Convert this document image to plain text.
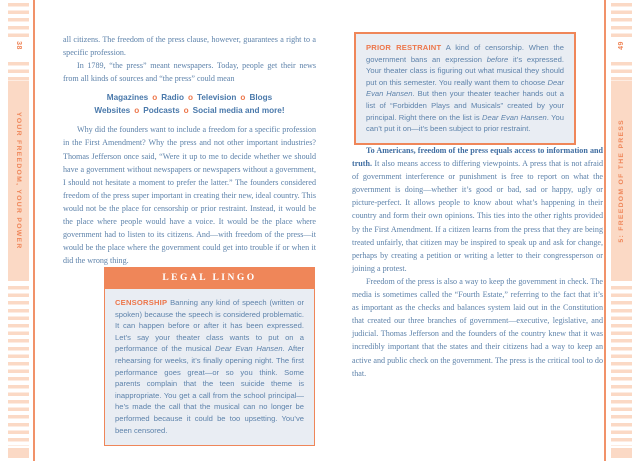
38
YOUR FREEDOM, YOUR POWER

all citizens. The freedom of the press clause, however, guarantees a right to a specific profession.

In 1789, “the press” meant newspapers. Today, people get their news from all kinds of sources and “the press” could mean

Magazines o Radio o Television o Blogs
Websites o Podcasts o Social media and more!

Why did the founders want to include a freedom for a specific profession in the First Amendment? Why the press and not other important industries? Thomas Jefferson once said, “Were it up to me to decide whether we should have a government without newspapers or newspapers without a government, I should not hesitate a moment to prefer the latter.” The founders considered freedom of the press super important in creating their new, ideal country. This would not be the place for censorship or prior restraint. Instead, it would be the place where people would have a voice. It would be the place where government had to listen to its citizens. And—with freedom of the press—it would be the place where the government could get into trouble if or when it did the wrong thing.

LEGAL LINGO
CENSORSHIP Banning any kind of speech (written or spoken) because the speech is considered problematic. It can happen before or after it has been expressed. Let’s say your theater class wants to put on a performance of the musical Dear Evan Hansen. After rehearsing for weeks, it’s finally opening night. The first performance goes great—or so you think. Some parents complain that the teen suicide theme is inappropriate. You get a call from the school principal—he’s made the call that the musical can no longer be performed because it could be too upsetting. You’ve been censored.
PRIOR RESTRAINT A kind of censorship. When the government bans an expression before it’s expressed. Your theater class is figuring out what musical they should put on this semester. You really want them to choose Dear Evan Hansen. But then your theater teacher hands out a list of “Forbidden Plays and Musicals” created by your principal. Right there on the list is Dear Evan Hansen. You can’t put it on—it’s been subject to prior restraint.

To Americans, freedom of the press equals access to information and truth. It also means access to differing viewpoints. A press that is not afraid of government interference or punishment is free to report on what the government is doing—whether it’s good or bad, sad or happy, ugly or picture-perfect. It allows people to know about what’s happening in their country and form their own opinions. This ties into the other rights provided by the First Amendment. If a citizen learns from the press that they are being treated unfairly, that citizen may be inspired to speak up and ask for change, perhaps by creating a petition or writing a letter to their congressperson or joining a protest.

Freedom of the press is also a way to keep the government in check. The media is sometimes called the “Fourth Estate,” referring to the fact that it’s as important as the checks and balances system laid out in the Constitution that created our three branches of government—executive, legislative, and judicial. Thomas Jefferson and the founders of the country knew that it was incredibly important that the states and their citizens had a way to keep an active and public check on the government. The press is the critical tool to do that.

49
5: FREEDOM OF THE PRESS
